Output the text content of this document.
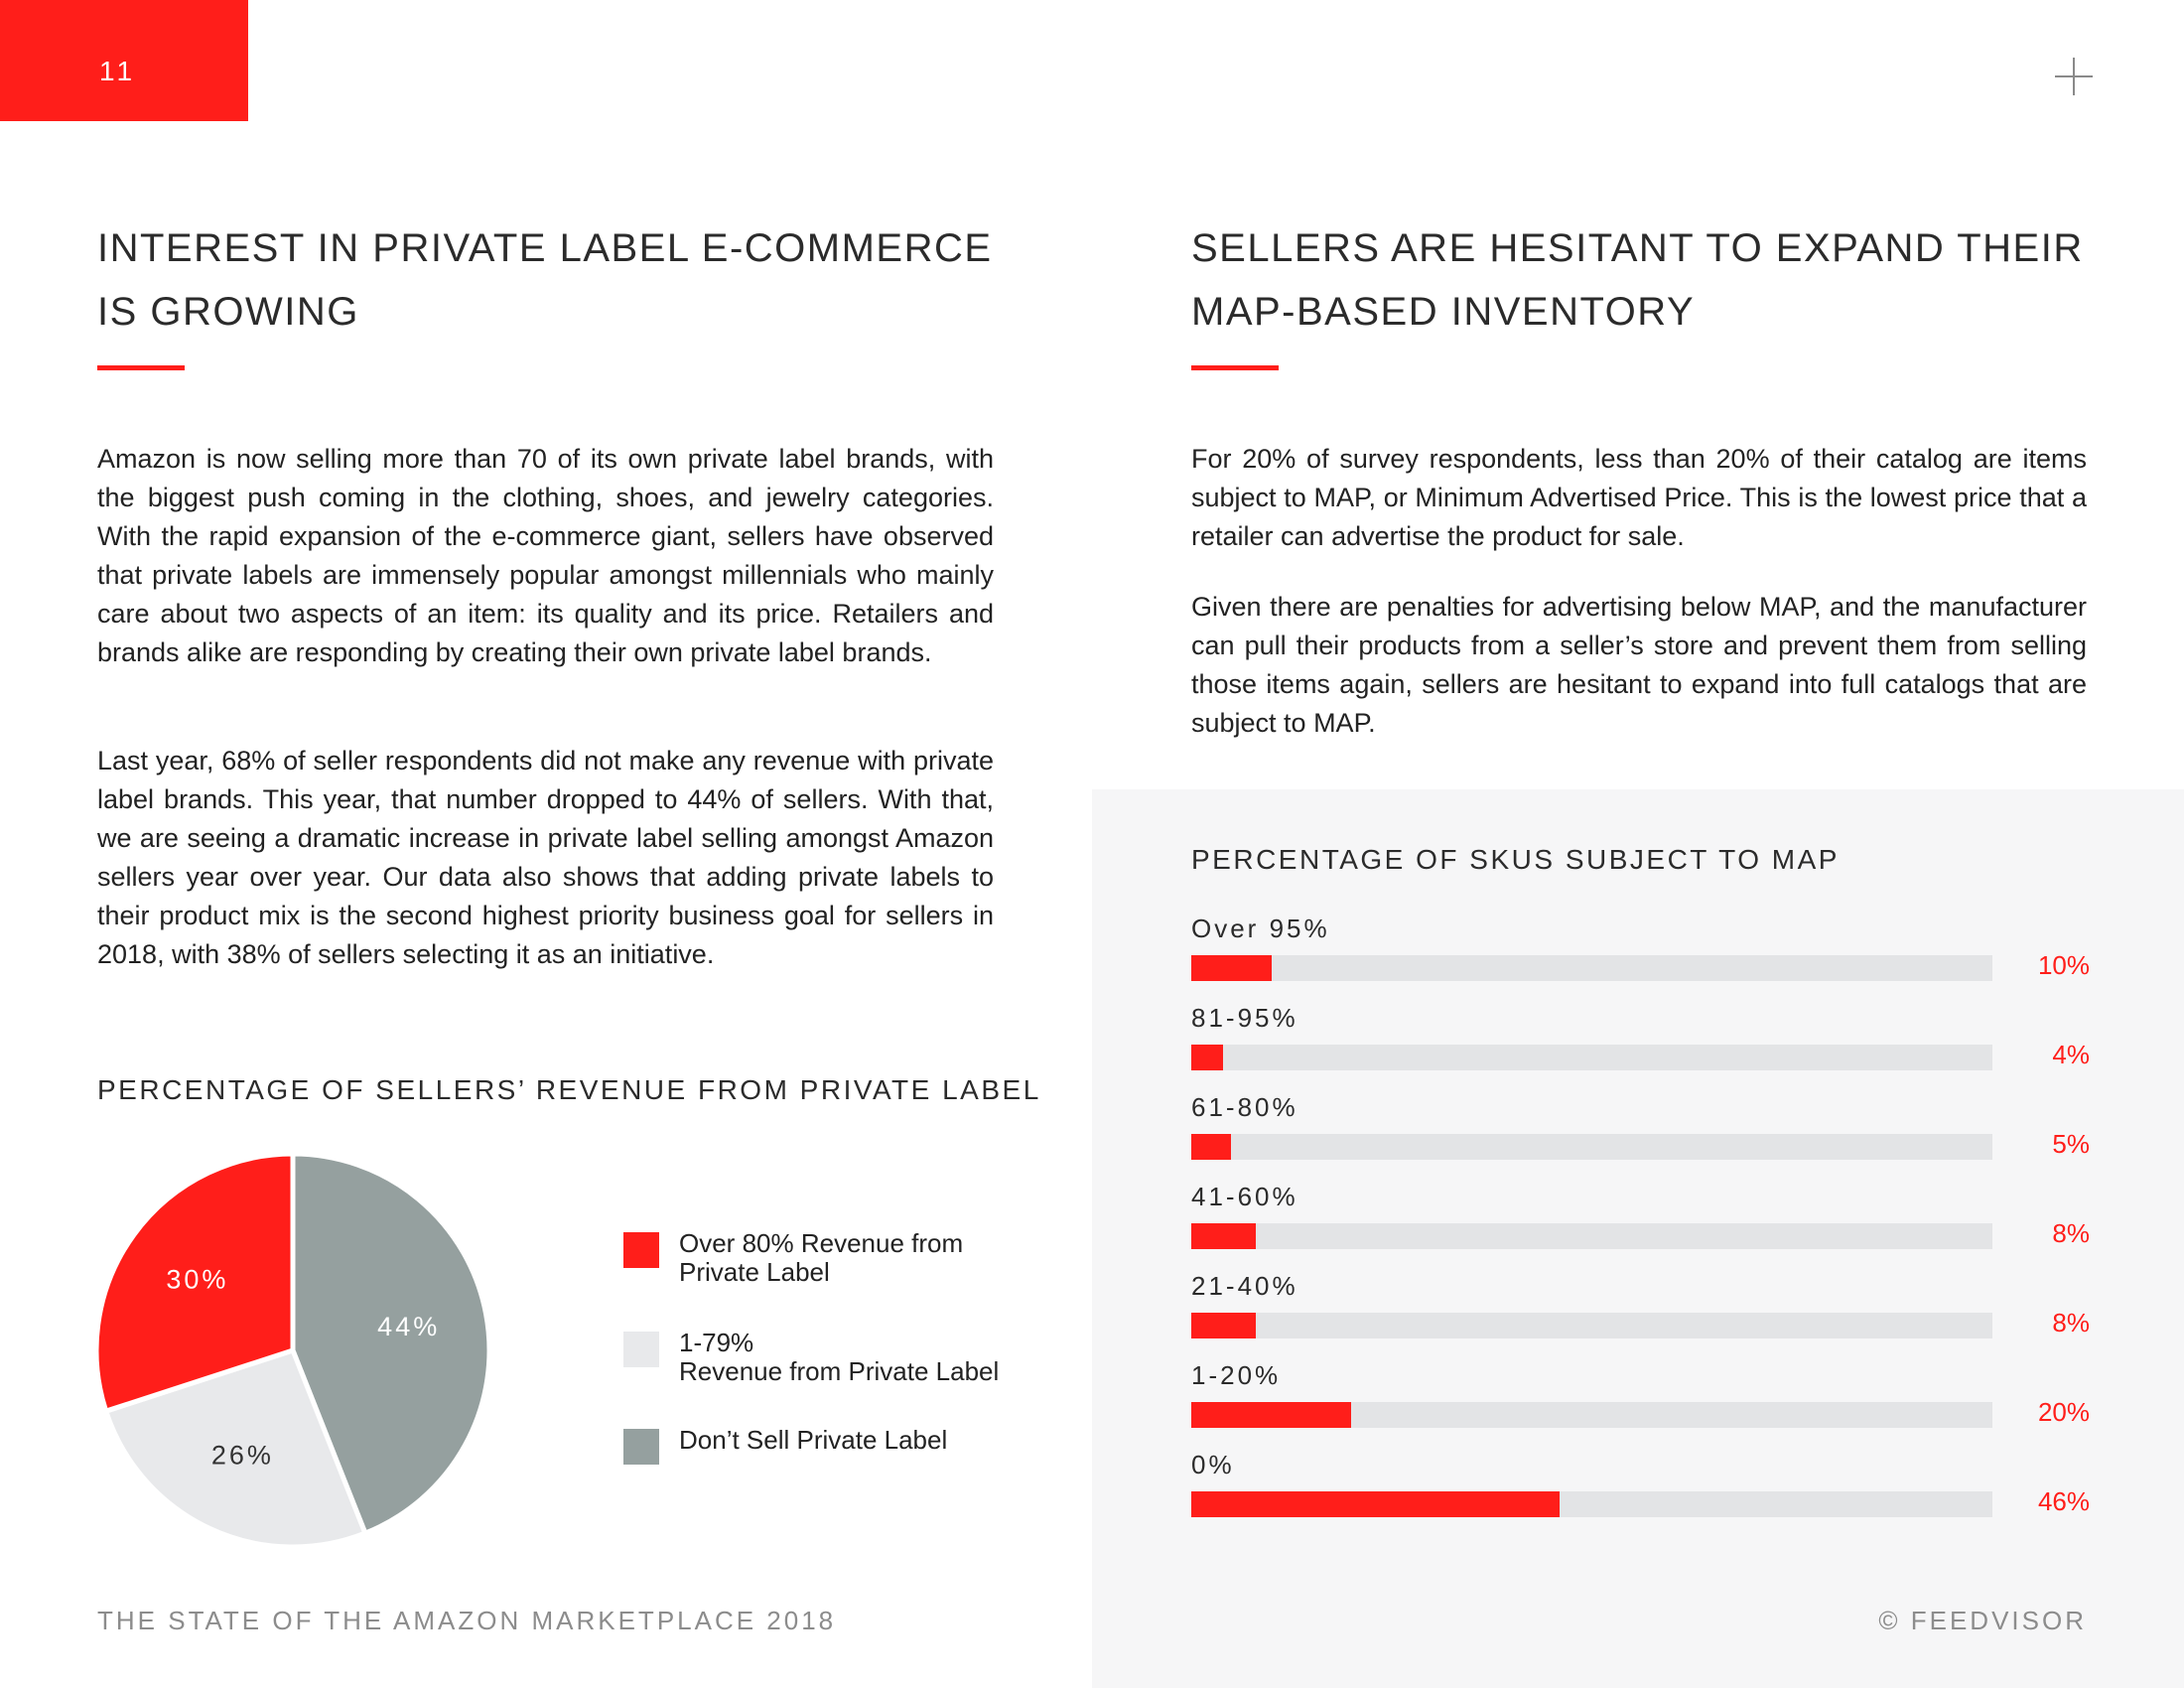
11
INTEREST IN PRIVATE LABEL E-COMMERCE
IS GROWING

Amazon is now selling more than 70 of its own private label brands, with the biggest push coming in the clothing, shoes, and jewelry categories. With the rapid expansion of the e-commerce giant, sellers have observed that private labels are immensely popular amongst millennials who mainly care about two aspects of an item: its quality and its price. Retailers and brands alike are responding by creating their own private label brands.

Last year, 68% of seller respondents did not make any revenue with private label brands. This year, that number dropped to 44% of sellers. With that, we are seeing a dramatic increase in private label selling amongst Amazon sellers year over year. Our data also shows that adding private labels to their product mix is the second highest priority business goal for sellers in 2018, with 38% of sellers selecting it as an initiative.

PERCENTAGE OF SELLERS’ REVENUE FROM PRIVATE LABEL
44%
26%
30%
Over 80% Revenue from
Private Label
1-79%
Revenue from Private Label
Don’t Sell Private Label
SELLERS ARE HESITANT TO EXPAND THEIR
MAP-BASED INVENTORY

For 20% of survey respondents, less than 20% of their catalog are items subject to MAP, or Minimum Advertised Price. This is the lowest price that a retailer can advertise the product for sale.

Given there are penalties for advertising below MAP, and the manufacturer can pull their products from a seller’s store and prevent them from selling those items again, sellers are hesitant to expand into full catalogs that are subject to MAP.

PERCENTAGE OF SKUS SUBJECT TO MAP
Over 95%
10%
81-95%
4%
61-80%
5%
41-60%
8%
21-40%
8%
1-20%
20%
0%
46%
THE STATE OF THE AMAZON MARKETPLACE 2018	© FEEDVISOR
